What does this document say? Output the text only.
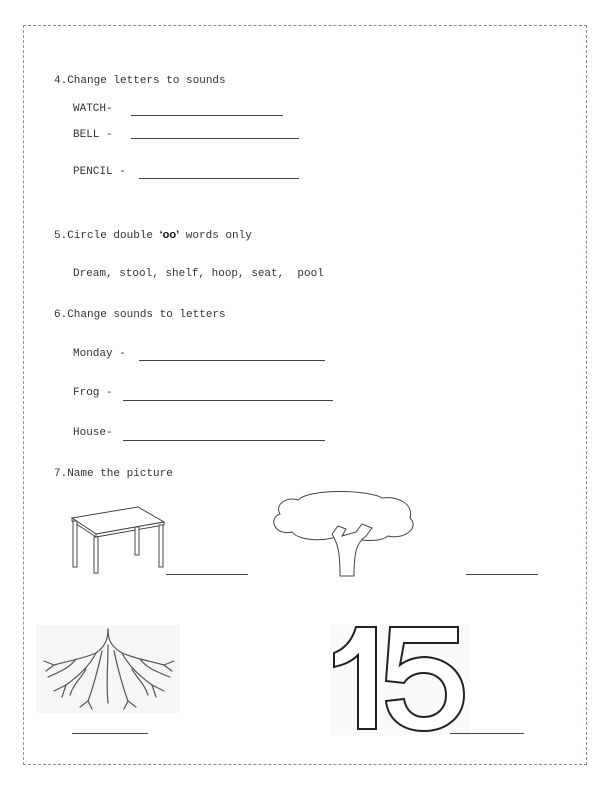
4.Change letters to sounds
WATCH-
BELL -
PENCIL -
5.Circle double ‘oo’ words only
Dream, stool, shelf, hoop, seat,  pool
6.Change sounds to letters
Monday -
Frog -
House-
7.Name the picture
